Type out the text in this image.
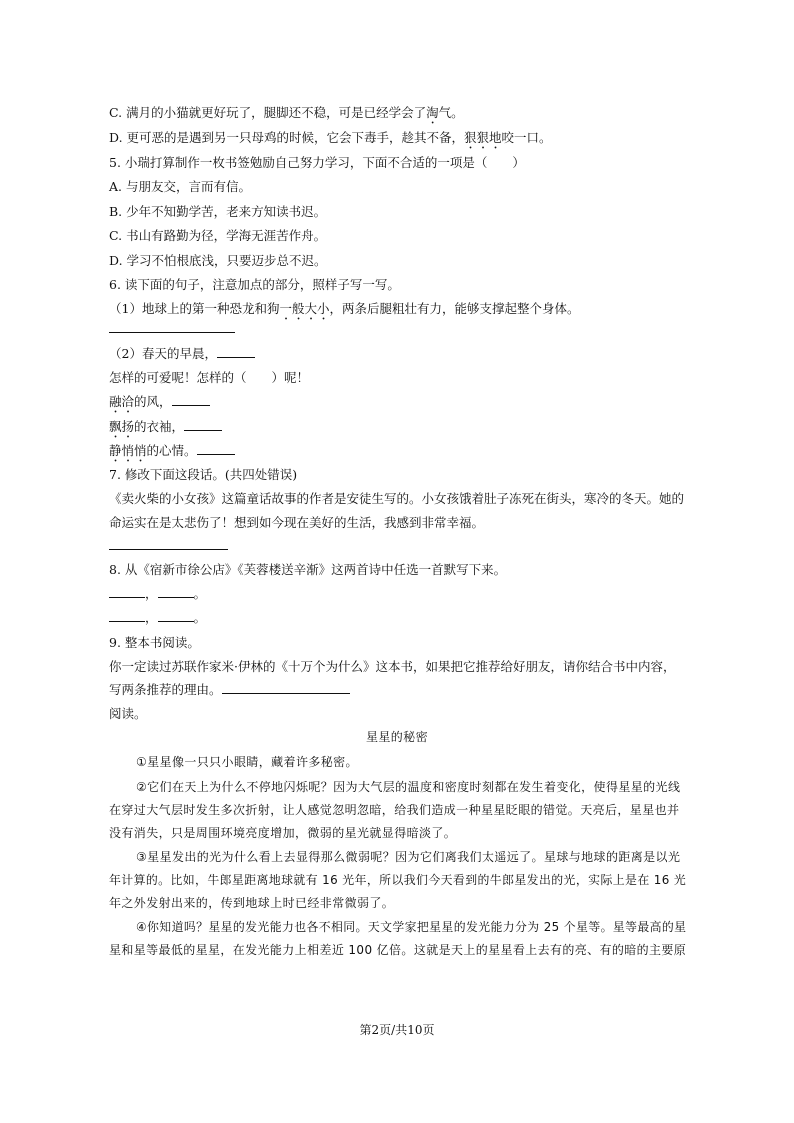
C. 满月的小猫就更好玩了，腿脚还不稳，可是已经学会了淘气。
D. 更可恶的是遇到另一只母鸡的时候，它会下毒手，趁其不备，狠狠地咬一口。
5. 小瑞打算制作一枚书签勉励自己努力学习，下面不合适的一项是（　　）
A. 与朋友交，言而有信。
B. 少年不知勤学苦，老来方知读书迟。
C. 书山有路勤为径，学海无涯苦作舟。
D. 学习不怕根底浅，只要迈步总不迟。
6. 读下面的句子，注意加点的部分，照样子写一写。
（1）地球上的第一种恐龙和狗一般大小，两条后腿粗壮有力，能够支撑起整个身体。
（2）春天的早晨，
怎样的可爱呢！怎样的（　　）呢！
融洽的风，
飘扬的衣袖，
静悄悄的心情。
7. 修改下面这段话。(共四处错误)
《卖火柴的小女孩》这篇童话故事的作者是安徒生写的。小女孩饿着肚子冻死在街头，寒冷的冬天。她的
命运实在是太悲伤了！想到如今现在美好的生活，我感到非常幸福。
8. 从《宿新市徐公店》《芙蓉楼送辛渐》这两首诗中任选一首默写下来。
，	。
，	。
9. 整本书阅读。
你一定读过苏联作家米·伊林的《十万个为什么》这本书，如果把它推荐给好朋友，请你结合书中内容，
写两条推荐的理由。
阅读。
星星的秘密
①星星像一只只小眼睛，藏着许多秘密。
②它们在天上为什么不停地闪烁呢？因为大气层的温度和密度时刻都在发生着变化，使得星星的光线
在穿过大气层时发生多次折射，让人感觉忽明忽暗，给我们造成一种星星眨眼的错觉。天亮后，星星也并
没有消失，只是周围环境亮度增加，微弱的星光就显得暗淡了。
③星星发出的光为什么看上去显得那么微弱呢？因为它们离我们太遥远了。星球与地球的距离是以光
年计算的。比如，牛郎星距离地球就有 16 光年，所以我们今天看到的牛郎星发出的光，实际上是在 16 光
年之外发射出来的，传到地球上时已经非常微弱了。
④你知道吗？星星的发光能力也各不相同。天文学家把星星的发光能力分为 25 个星等。星等最高的星
星和星等最低的星星，在发光能力上相差近 100 亿倍。这就是天上的星星看上去有的亮、有的暗的主要原
第2页/共10页
